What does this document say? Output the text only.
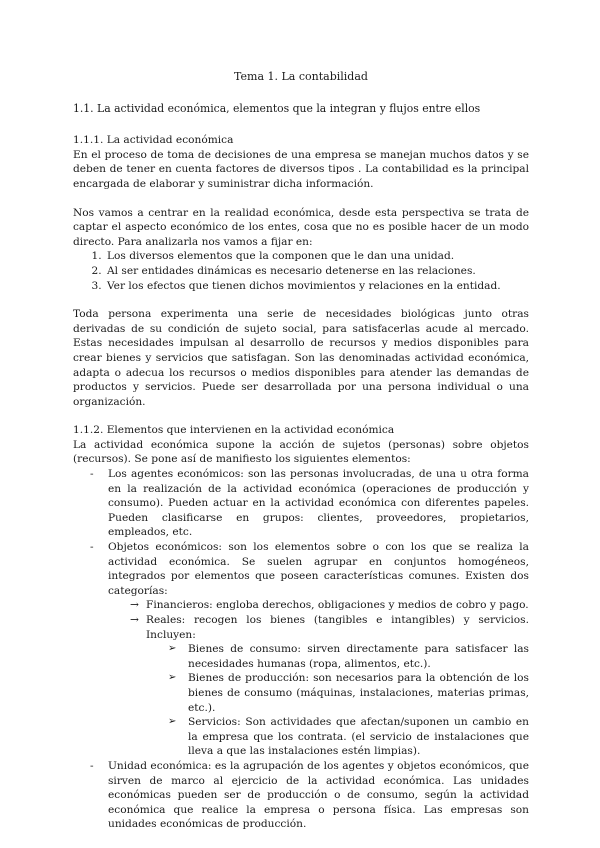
Tema 1. La contabilidad
1.1. La actividad económica, elementos que la integran y flujos entre ellos
1.1.1. La actividad económica

En el proceso de toma de decisiones de una empresa se manejan muchos datos y se deben de tener en cuenta factores de diversos tipos . La contabilidad es la principal encargada de elaborar y suministrar dicha información.

Nos vamos a centrar en la realidad económica, desde esta perspectiva se trata de captar el aspecto económico de los entes, cosa que no es posible hacer de un modo directo. Para analizarla nos vamos a fijar en:

1. Los diversos elementos que la componen que le dan una unidad.
2. Al ser entidades dinámicas es necesario detenerse en las relaciones.
3. Ver los efectos que tienen dichos movimientos y relaciones en la entidad.

Toda persona experimenta una serie de necesidades biológicas junto otras derivadas de su condición de sujeto social, para satisfacerlas acude al mercado. Estas necesidades impulsan al desarrollo de recursos y medios disponibles para crear bienes y servicios que satisfagan. Son las denominadas actividad económica, adapta o adecua los recursos o medios disponibles para atender las demandas de productos y servicios. Puede ser desarrollada por una persona individual o una organización.

1.1.2. Elementos que intervienen en la actividad económica

La actividad económica supone la acción de sujetos (personas) sobre objetos (recursos). Se pone así de manifiesto los siguientes elementos:

- Los agentes económicos: son las personas involucradas, de una u otra forma en la realización de la actividad económica (operaciones de producción y consumo). Pueden actuar en la actividad económica con diferentes papeles. Pueden clasificarse en grupos: clientes, proveedores, propietarios, empleados, etc.
- Objetos económicos: son los elementos sobre o con los que se realiza la actividad económica. Se suelen agrupar en conjuntos homogéneos, integrados por elementos que poseen características comunes. Existen dos categorías:
→ Financieros: engloba derechos, obligaciones y medios de cobro y pago.
→ Reales: recogen los bienes (tangibles e intangibles) y servicios. Incluyen:
➢ Bienes de consumo: sirven directamente para satisfacer las necesidades humanas (ropa, alimentos, etc.).
➢ Bienes de producción: son necesarios para la obtención de los bienes de consumo (máquinas, instalaciones, materias primas, etc.).
➢ Servicios: Son actividades que afectan/suponen un cambio en la empresa que los contrata. (el servicio de instalaciones que lleva a que las instalaciones estén limpias).
- Unidad económica: es la agrupación de los agentes y objetos económicos, que sirven de marco al ejercicio de la actividad económica. Las unidades económicas pueden ser de producción o de consumo, según la actividad económica que realice la empresa o persona física. Las empresas son unidades económicas de producción.
